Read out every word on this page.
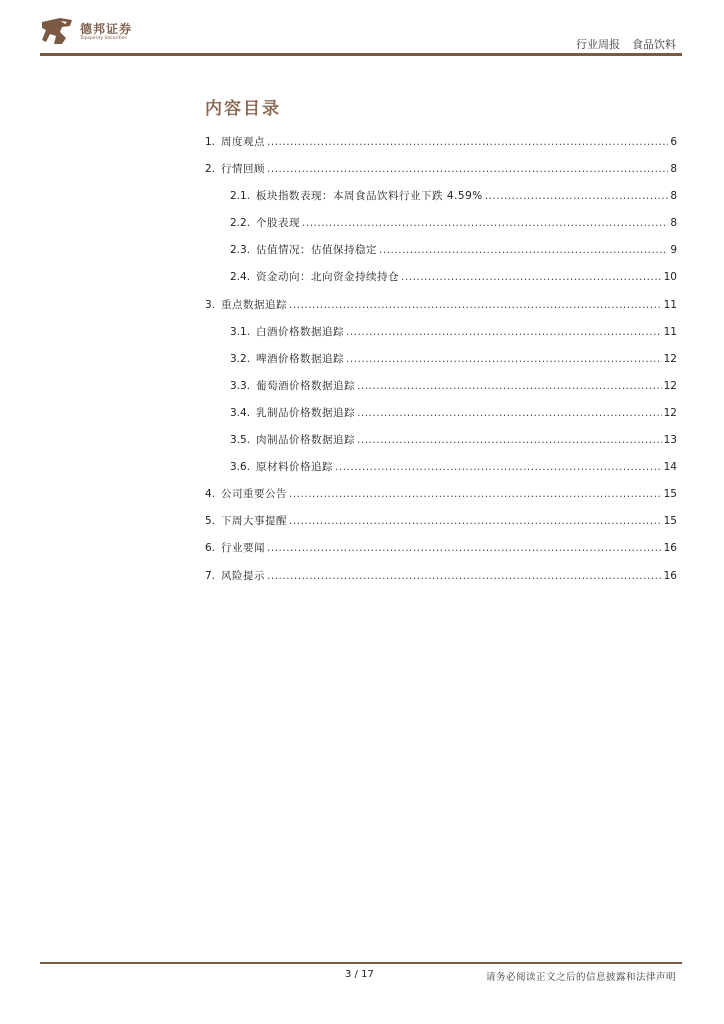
德邦证券
Topsperity Securities	行业周报 食品饮料
内容目录
1. 周度观点 .....	6
2. 行情回顾 .....	8
2.1. 板块指数表现：本周食品饮料行业下跌 4.59% .....	8
2.2. 个股表现 .....	8
2.3. 估值情况：估值保持稳定 .....	9
2.4. 资金动向：北向资金持续持仓 .....	10
3. 重点数据追踪 .....	11
3.1. 白酒价格数据追踪 .....	11
3.2. 啤酒价格数据追踪 .....	12
3.3. 葡萄酒价格数据追踪 .....	12
3.4. 乳制品价格数据追踪 .....	12
3.5. 肉制品价格数据追踪 .....	13
3.6. 原材料价格追踪 .....	14
4. 公司重要公告 .....	15
5. 下周大事提醒 .....	15
6. 行业要闻 .....	16
7. 风险提示 .....	16
3 / 17	请务必阅读正文之后的信息披露和法律声明
